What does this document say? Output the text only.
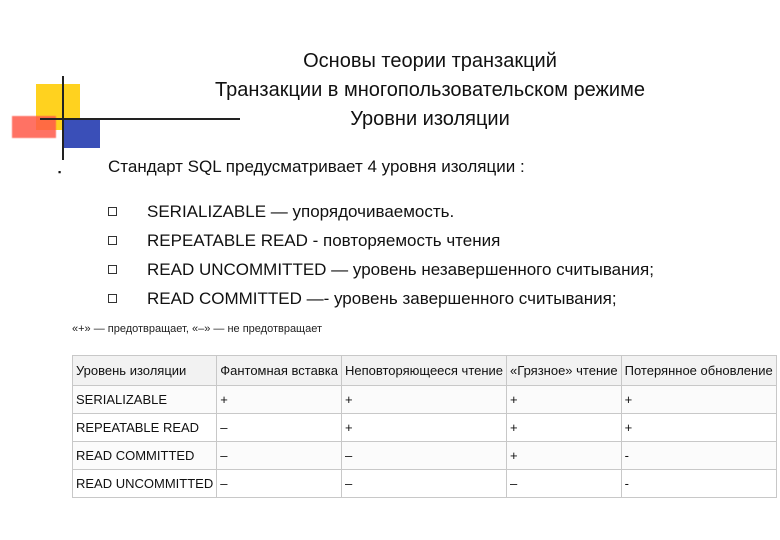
Основы теории транзакций
Транзакции в многопользовательском режиме
Уровни изоляции
▪	Стандарт SQL предусматривает 4 уровня изоляции :
SERIALIZABLE — упорядочиваемость.
REPEATABLE READ - повторяемость чтения
READ UNCOMMITTED — уровень незавершенного считывания;
READ COMMITTED —- уровень завершенного считывания;
«+» — предотвращает, «–» — не предотвращает
Уровень изоляции	Фантомная вставка	Неповторяющееся чтение	«Грязное» чтение	Потерянное обновление
SERIALIZABLE	+	+	+	+
REPEATABLE READ	–	+	+	+
READ COMMITTED	–	–	+	-
READ UNCOMMITTED	–	–	–	-
